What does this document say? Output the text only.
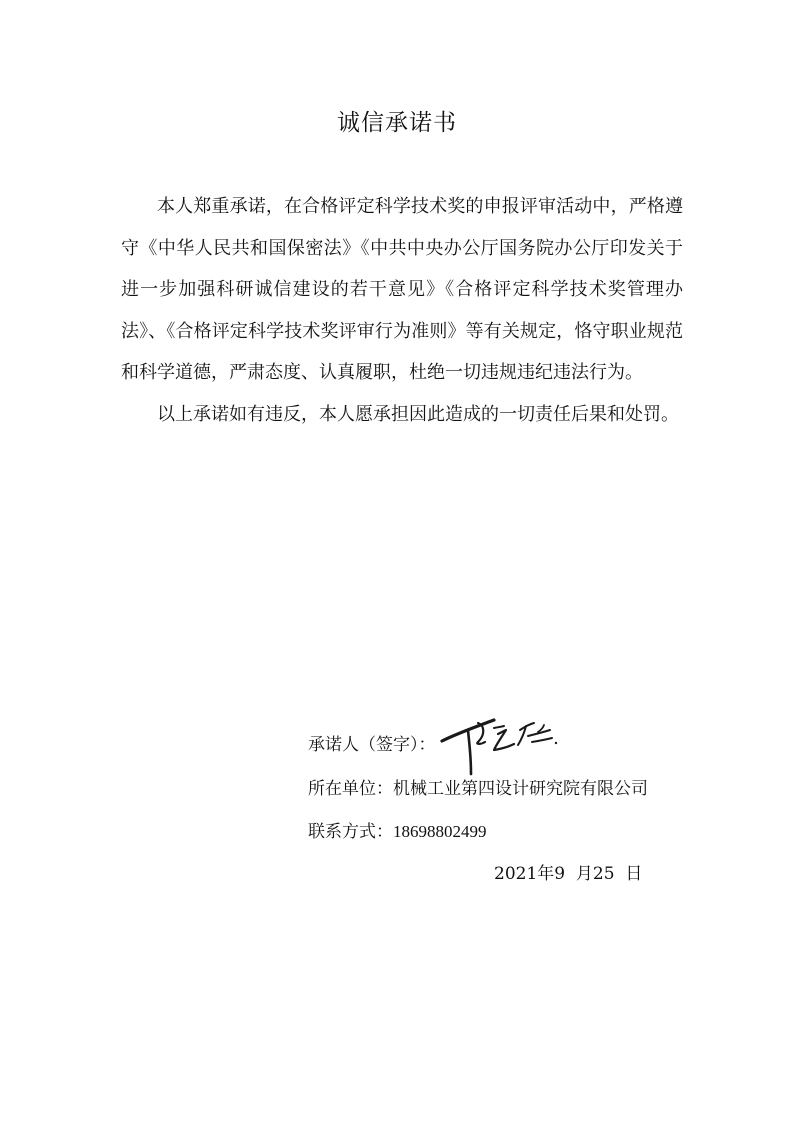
诚信承诺书

本人郑重承诺，在合格评定科学技术奖的申报评审活动中，严格遵守《中华人民共和国保密法》《中共中央办公厅国务院办公厅印发关于进一步加强科研诚信建设的若干意见》《合格评定科学技术奖管理办法》、《合格评定科学技术奖评审行为准则》等有关规定，恪守职业规范和科学道德，严肃态度、认真履职，杜绝一切违规违纪违法行为。

以上承诺如有违反，本人愿承担因此造成的一切责任后果和处罚。

承诺人（签字）：
所在单位：机械工业第四设计研究院有限公司
联系方式：18698802499
2021年9  月25  日
